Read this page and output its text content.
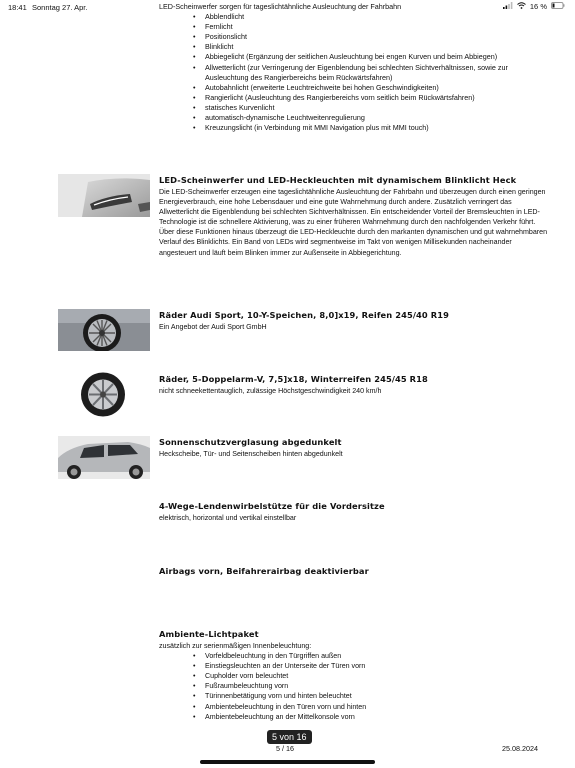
18:41 Sonntag 27. Apr.	16 %
LED-Scheinwerfer sorgen für tageslichtähnliche Ausleuchtung der Fahrbahn
• Abblendlicht
• Fernlicht
• Positionslicht
• Blinklicht
• Abbiegelicht (Ergänzung der seitlichen Ausleuchtung bei engen Kurven und beim Abbiegen)
• Allwetterlicht (zur Verringerung der Eigenblendung bei schlechten Sichtverhältnissen, sowie zur Ausleuchtung des Rangierbereichs beim Rückwärtsfahren)
• Autobahnlicht (erweiterte Leuchtreichweite bei hohen Geschwindigkeiten)
• Rangierlicht (Ausleuchtung des Rangierbereichs vorn seitlich beim Rückwärtsfahren)
• statisches Kurvenlicht
• automatisch-dynamische Leuchtweitenregulierung
• Kreuzungslicht (in Verbindung mit MMI Navigation plus mit MMI touch)
LED-Scheinwerfer und LED-Heckleuchten mit dynamischem Blinklicht Heck

Die LED-Scheinwerfer erzeugen eine tageslichtähnliche Ausleuchtung der Fahrbahn und überzeugen durch einen geringen Energieverbrauch, eine hohe Lebensdauer und eine gute Wahrnehmung durch andere. Zusätzlich verringert das Allwetterlicht die Eigenblendung bei schlechten Sichtverhältnissen. Ein entscheidender Vorteil der Bremsleuchten in LED-Technologie ist die schnellere Aktivierung, was zu einer früheren Wahrnehmung durch den nachfolgenden Verkehr führt. Über diese Funktionen hinaus überzeugt die LED-Heckleuchte durch den markanten dynamischen und gut wahrnehmbaren Verlauf des Blinklichts. Ein Band von LEDs wird segmentweise im Takt von wenigen Millisekunden nacheinander angesteuert und läuft beim Blinken immer zur Außenseite in Abbiegerichtung.

Räder Audi Sport, 10-Y-Speichen, 8,0]x19, Reifen 245/40 R19

Ein Angebot der Audi Sport GmbH

Räder, 5-Doppelarm-V, 7,5]x18, Winterreifen 245/45 R18

nicht schneekettentauglich, zulässige Höchstgeschwindigkeit 240 km/h

Sonnenschutzverglasung abgedunkelt

Heckscheibe, Tür- und Seitenscheiben hinten abgedunkelt

4-Wege-Lendenwirbelstütze für die Vordersitze

elektrisch, horizontal und vertikal einstellbar

Airbags vorn, Beifahrerairbag deaktivierbar
Ambiente-Lichtpaket

zusätzlich zur serienmäßigen Innenbeleuchtung:

• Vorfeldbeleuchtung in den Türgriffen außen
• Einstiegsleuchten an der Unterseite der Türen vorn
• Cupholder vorn beleuchtet
• Fußraumbeleuchtung vorn
• Türinnenbetätigung vorn und hinten beleuchtet
• Ambientebeleuchtung in den Türen vorn und hinten
• Ambientebeleuchtung an der Mittelkonsole vorn
5 von 16
5 / 16	25.08.2024
